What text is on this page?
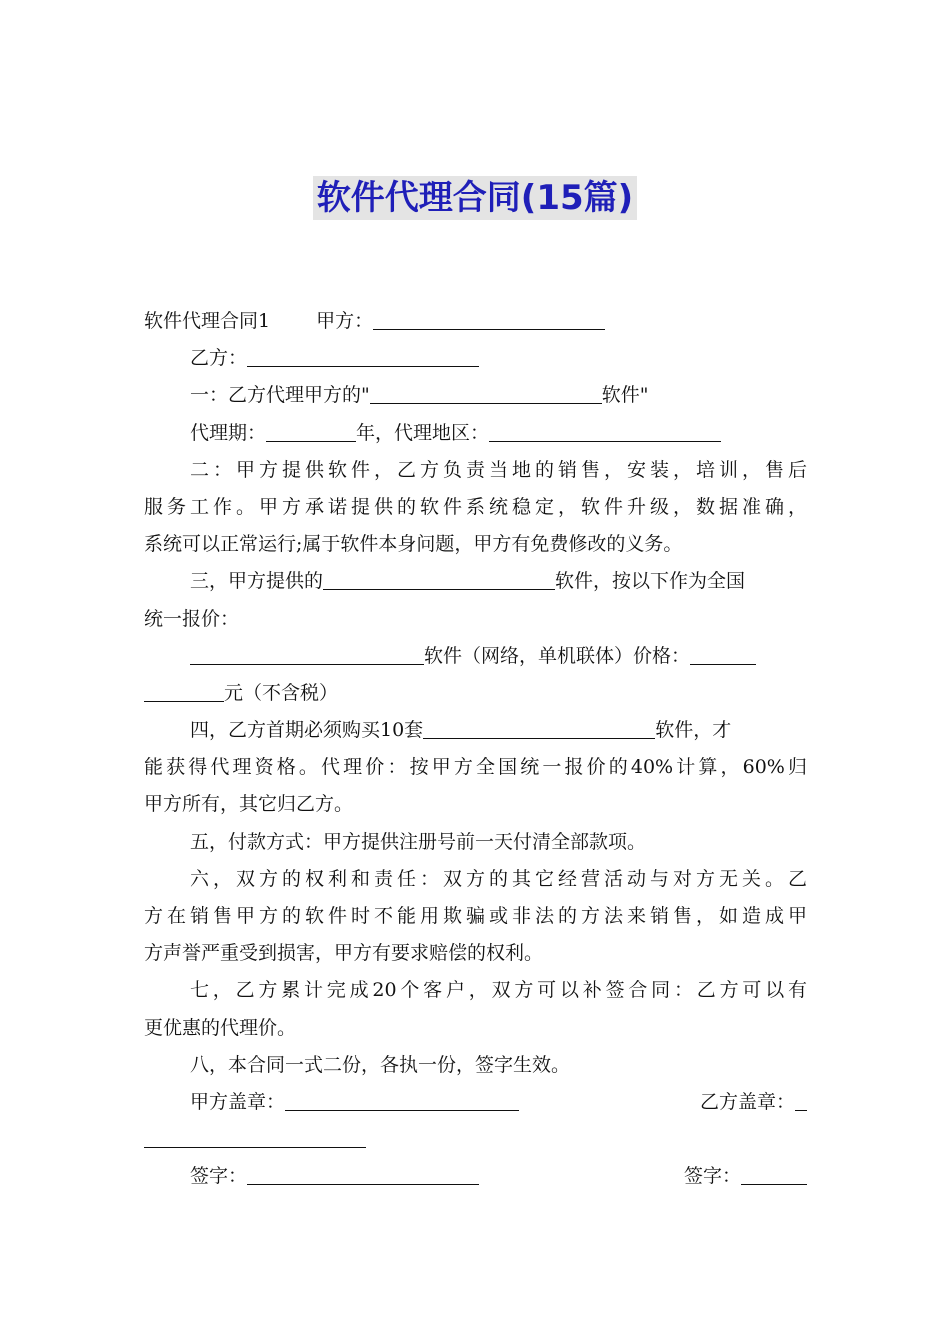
软件代理合同(15篇)
软件代理合同1 甲方：
乙方：
一：乙方代理甲方的"	软件"
代理期：	年，代理地区：
二：甲方提供软件，乙方负责当地的销售，安装，培训，售后
服务工作。甲方承诺提供的软件系统稳定，软件升级，数据准确，
系统可以正常运行;属于软件本身问题，甲方有免费修改的义务。
三，甲方提供的	软件，按以下作为全国
统一报价：
软件（网络，单机联体）价格：
元（不含税）
四，乙方首期必须购买10套	软件，才
能获得代理资格。代理价：按甲方全国统一报价的40%计算，60%归
甲方所有，其它归乙方。
五，付款方式：甲方提供注册号前一天付清全部款项。
六，双方的权利和责任：双方的其它经营活动与对方无关。乙
方在销售甲方的软件时不能用欺骗或非法的方法来销售，如造成甲
方声誉严重受到损害，甲方有要求赔偿的权利。
七，乙方累计完成20个客户，双方可以补签合同：乙方可以有
更优惠的代理价。
八，本合同一式二份，各执一份，签字生效。
甲方盖章：	乙方盖章：
签字：	签字：
